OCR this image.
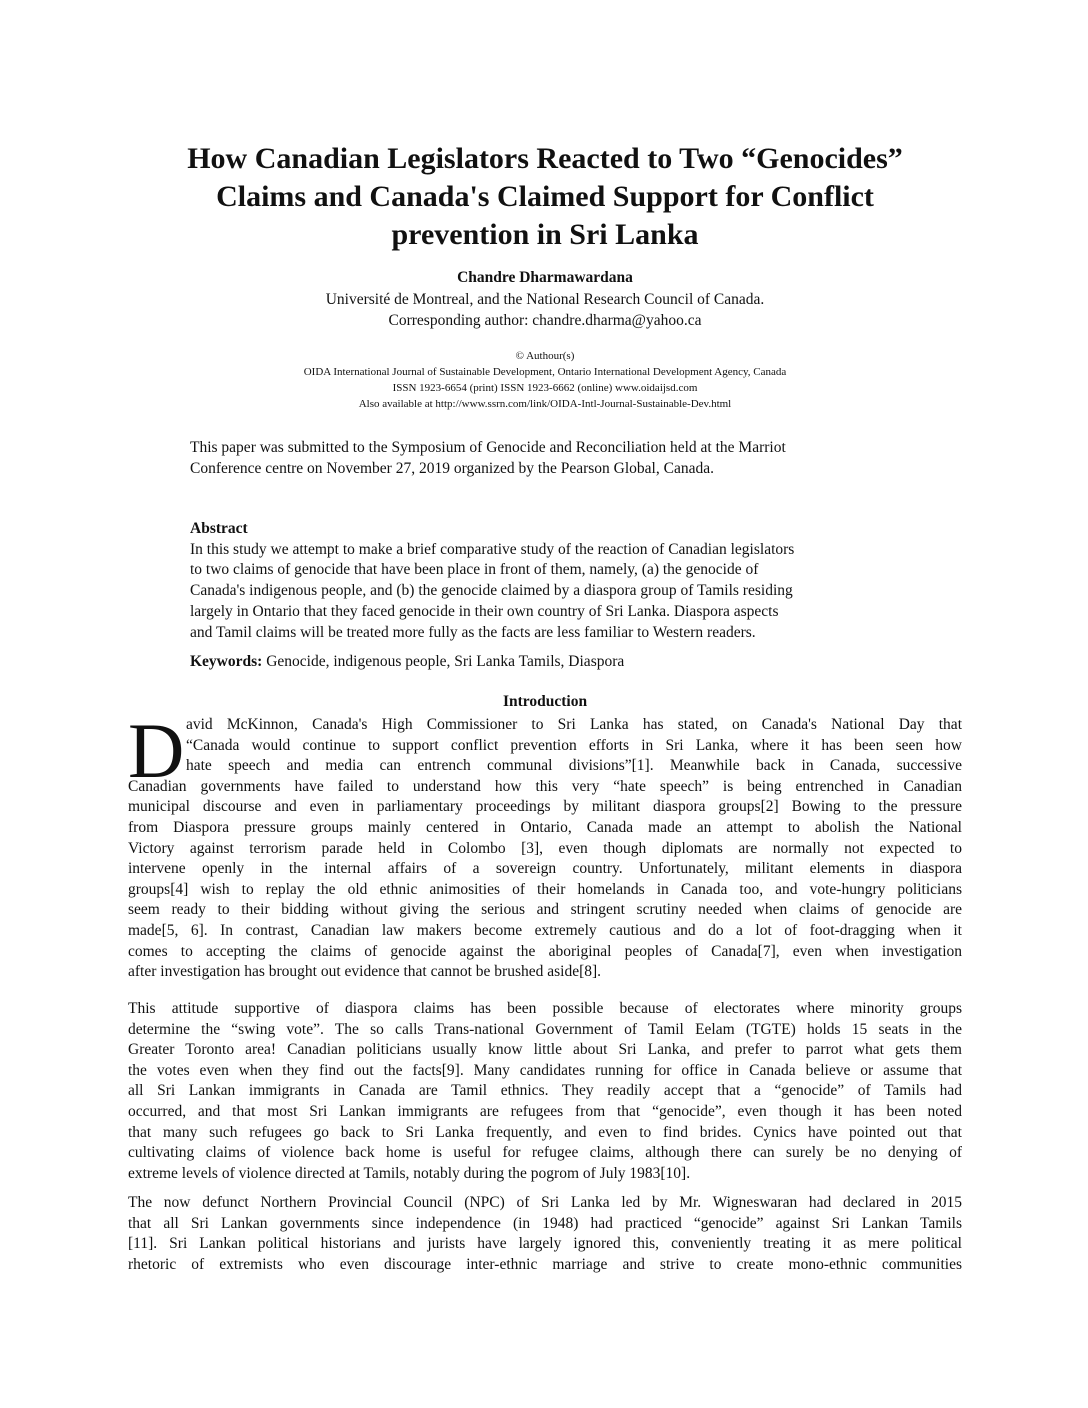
How Canadian Legislators Reacted to Two “Genocides”
Claims and Canada's Claimed Support for Conflict
prevention in Sri Lanka
Chandre Dharmawardana
Université de Montreal, and the National Research Council of Canada.
Corresponding author: chandre.dharma@yahoo.ca
© Authour(s)
OIDA International Journal of Sustainable Development, Ontario International Development Agency, Canada
ISSN 1923-6654 (print) ISSN 1923-6662 (online) www.oidaijsd.com
Also available at http://www.ssrn.com/link/OIDA-Intl-Journal-Sustainable-Dev.html
This paper was submitted to the Symposium of Genocide and Reconciliation held at the Marriot
Conference centre on November 27, 2019 organized by the Pearson Global, Canada.
Abstract
In this study we attempt to make a brief comparative study of the reaction of Canadian legislators
to two claims of genocide that have been place in front of them, namely, (a) the genocide of
Canada's indigenous people, and (b) the genocide claimed by a diaspora group of Tamils residing
largely in Ontario that they faced genocide in their own country of Sri Lanka. Diaspora aspects
and Tamil claims will be treated more fully as the facts are less familiar to Western readers.
Keywords: Genocide, indigenous people, Sri Lanka Tamils, Diaspora
Introduction
D avid McKinnon, Canada's High Commissioner to Sri Lanka has stated, on Canada's National Day that
“Canada would continue to support conflict prevention efforts in Sri Lanka, where it has been seen how
hate speech and media can entrench communal divisions”[1]. Meanwhile back in Canada, successive
Canadian governments have failed to understand how this very “hate speech” is being entrenched in Canadian
municipal discourse and even in parliamentary proceedings by militant diaspora groups[2] Bowing to the pressure
from Diaspora pressure groups mainly centered in Ontario, Canada made an attempt to abolish the National
Victory against terrorism parade held in Colombo [3], even though diplomats are normally not expected to
intervene openly in the internal affairs of a sovereign country. Unfortunately, militant elements in diaspora
groups[4] wish to replay the old ethnic animosities of their homelands in Canada too, and vote-hungry politicians
seem ready to their bidding without giving the serious and stringent scrutiny needed when claims of genocide are
made[5, 6]. In contrast, Canadian law makers become extremely cautious and do a lot of foot-dragging when it
comes to accepting the claims of genocide against the aboriginal peoples of Canada[7], even when investigation
after investigation has brought out evidence that cannot be brushed aside[8].
This attitude supportive of diaspora claims has been possible because of electorates where minority groups
determine the “swing vote”. The so calls Trans-national Government of Tamil Eelam (TGTE) holds 15 seats in the
Greater Toronto area! Canadian politicians usually know little about Sri Lanka, and prefer to parrot what gets them
the votes even when they find out the facts[9]. Many candidates running for office in Canada believe or assume that
all Sri Lankan immigrants in Canada are Tamil ethnics. They readily accept that a “genocide” of Tamils had
occurred, and that most Sri Lankan immigrants are refugees from that “genocide”, even though it has been noted
that many such refugees go back to Sri Lanka frequently, and even to find brides. Cynics have pointed out that
cultivating claims of violence back home is useful for refugee claims, although there can surely be no denying of
extreme levels of violence directed at Tamils, notably during the pogrom of July 1983[10].
The now defunct Northern Provincial Council (NPC) of Sri Lanka led by Mr. Wigneswaran had declared in 2015
that all Sri Lankan governments since independence (in 1948) had practiced “genocide” against Sri Lankan Tamils
[11]. Sri Lankan political historians and jurists have largely ignored this, conveniently treating it as mere political
rhetoric of extremists who even discourage inter-ethnic marriage and strive to create mono-ethnic communities
